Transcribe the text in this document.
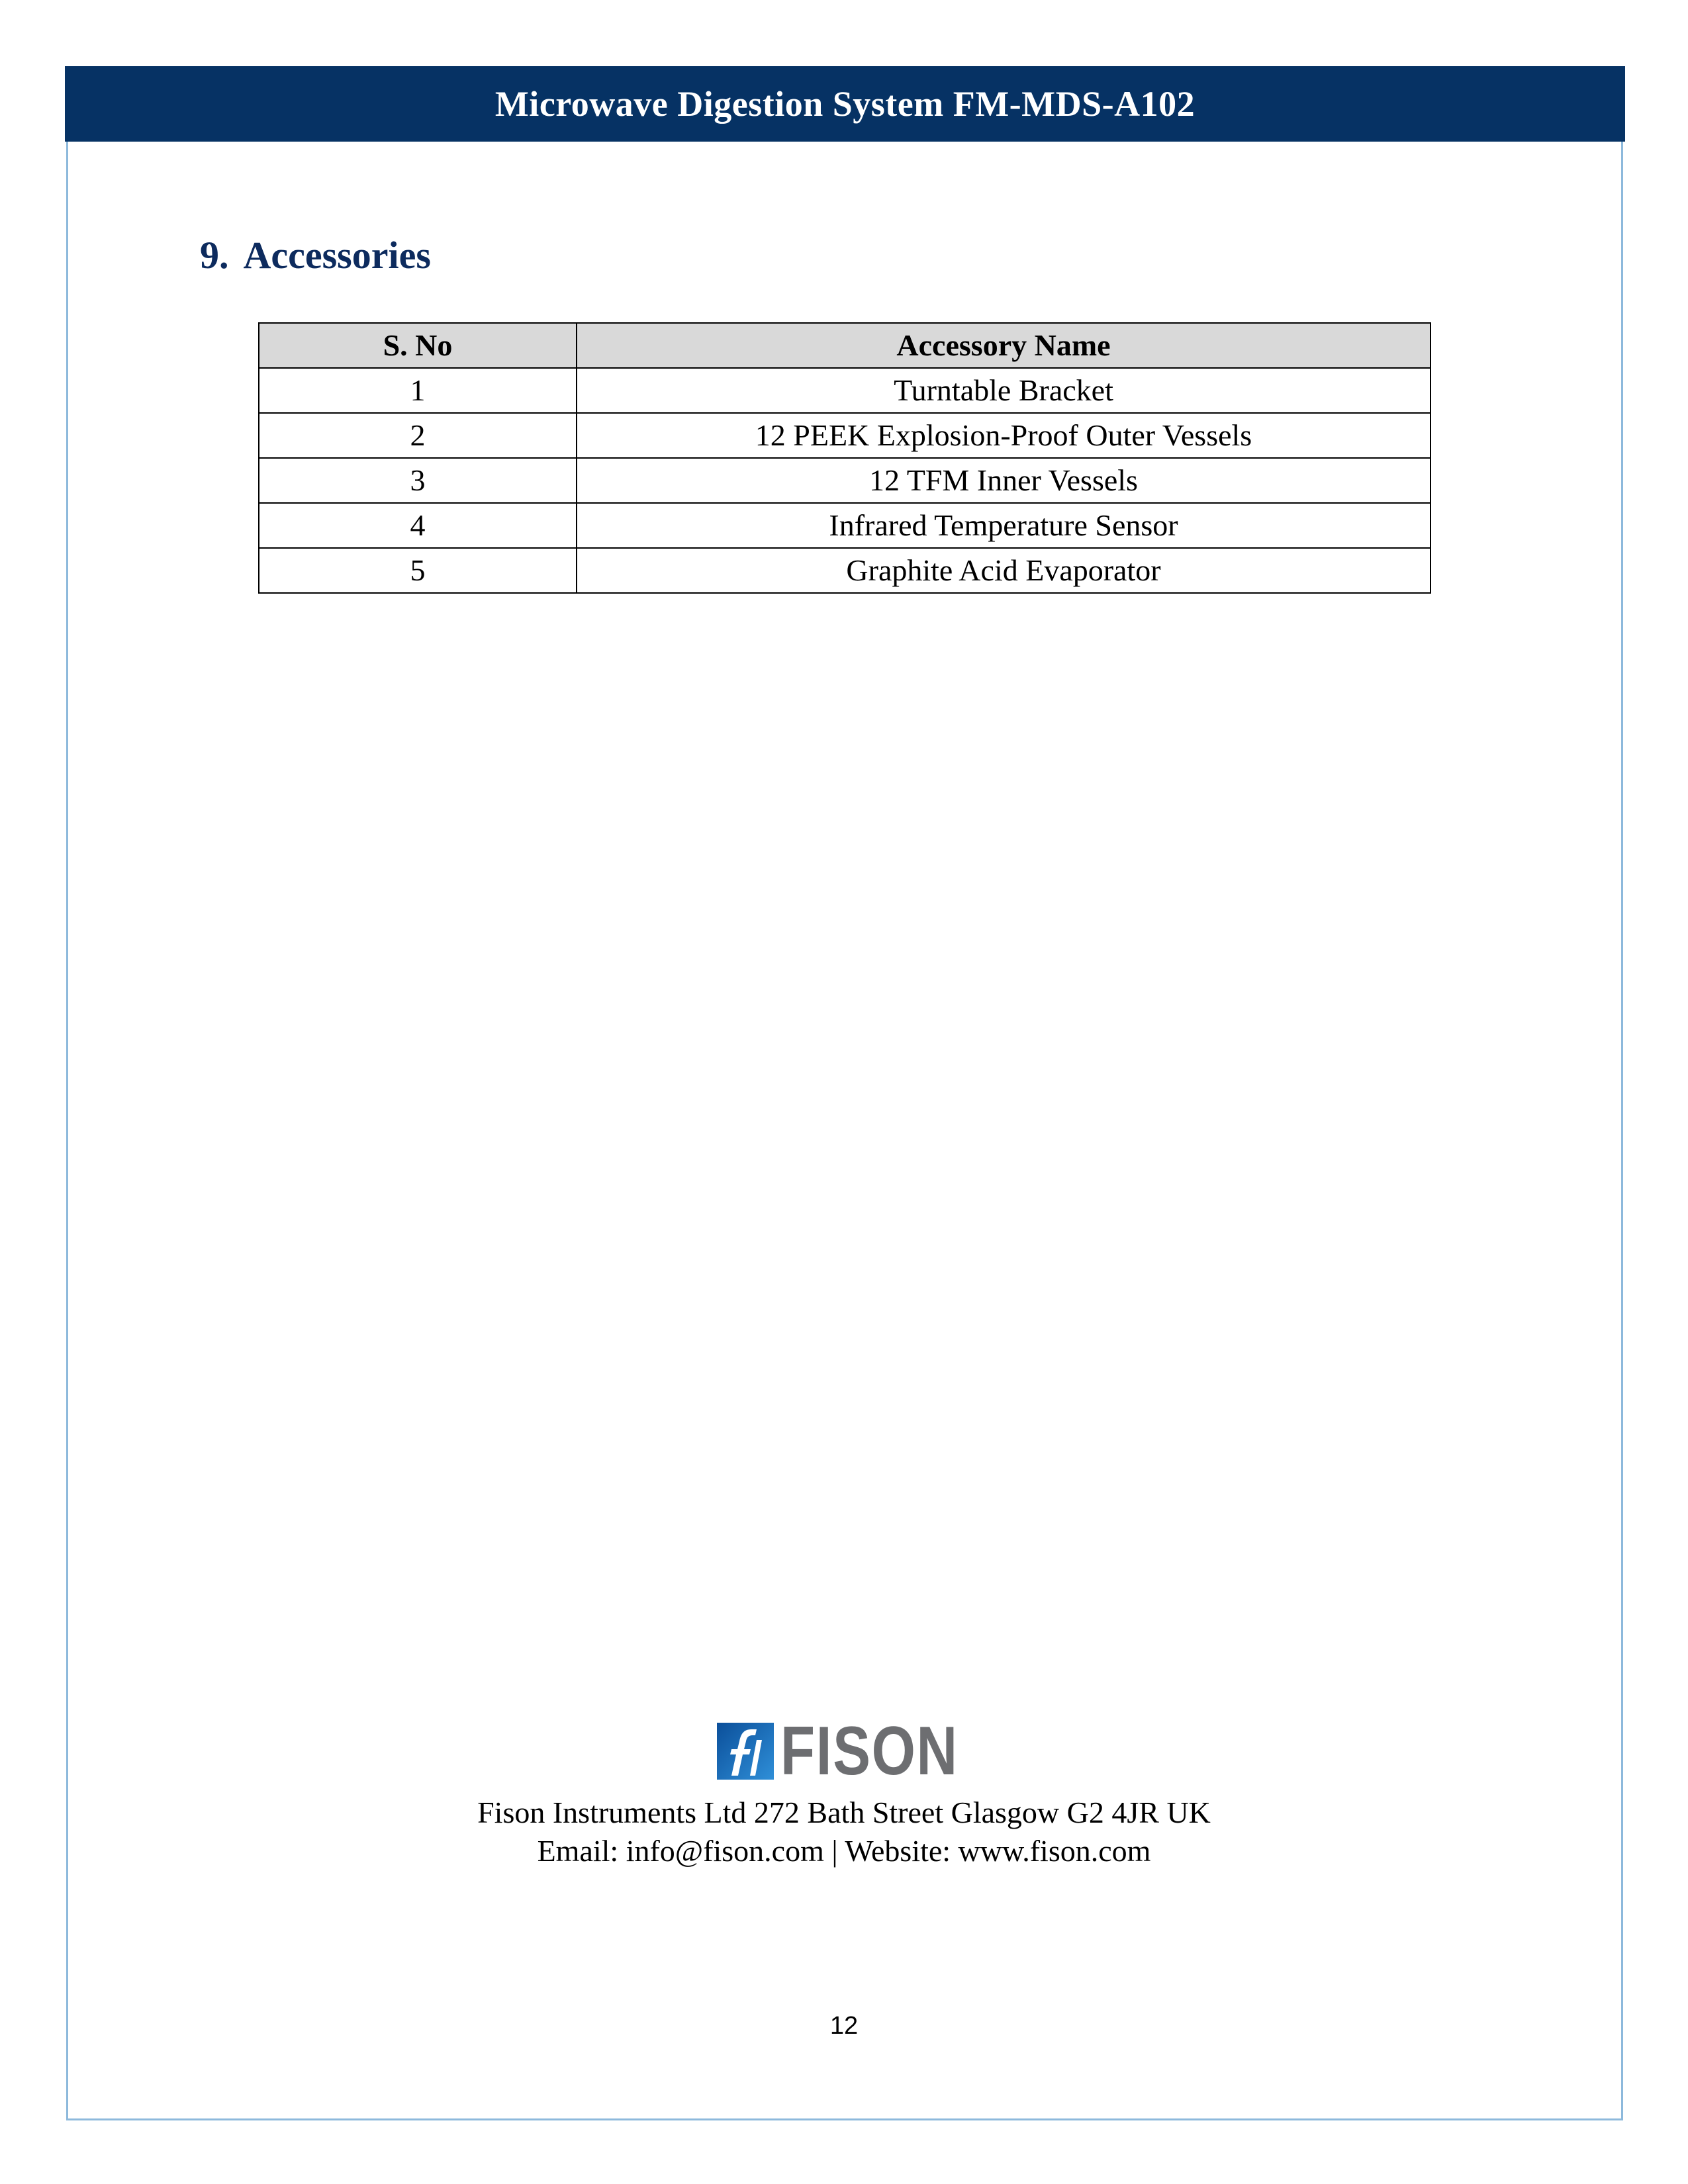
Microwave Digestion System FM-MDS-A102
9. Accessories
S. No	Accessory Name
1	Turntable Bracket
2	12 PEEK Explosion-Proof Outer Vessels
3	12 TFM Inner Vessels
4	Infrared Temperature Sensor
5	Graphite Acid Evaporator
FISON
Fison Instruments Ltd 272 Bath Street Glasgow G2 4JR UK
Email: info@fison.com | Website: www.fison.com
12
